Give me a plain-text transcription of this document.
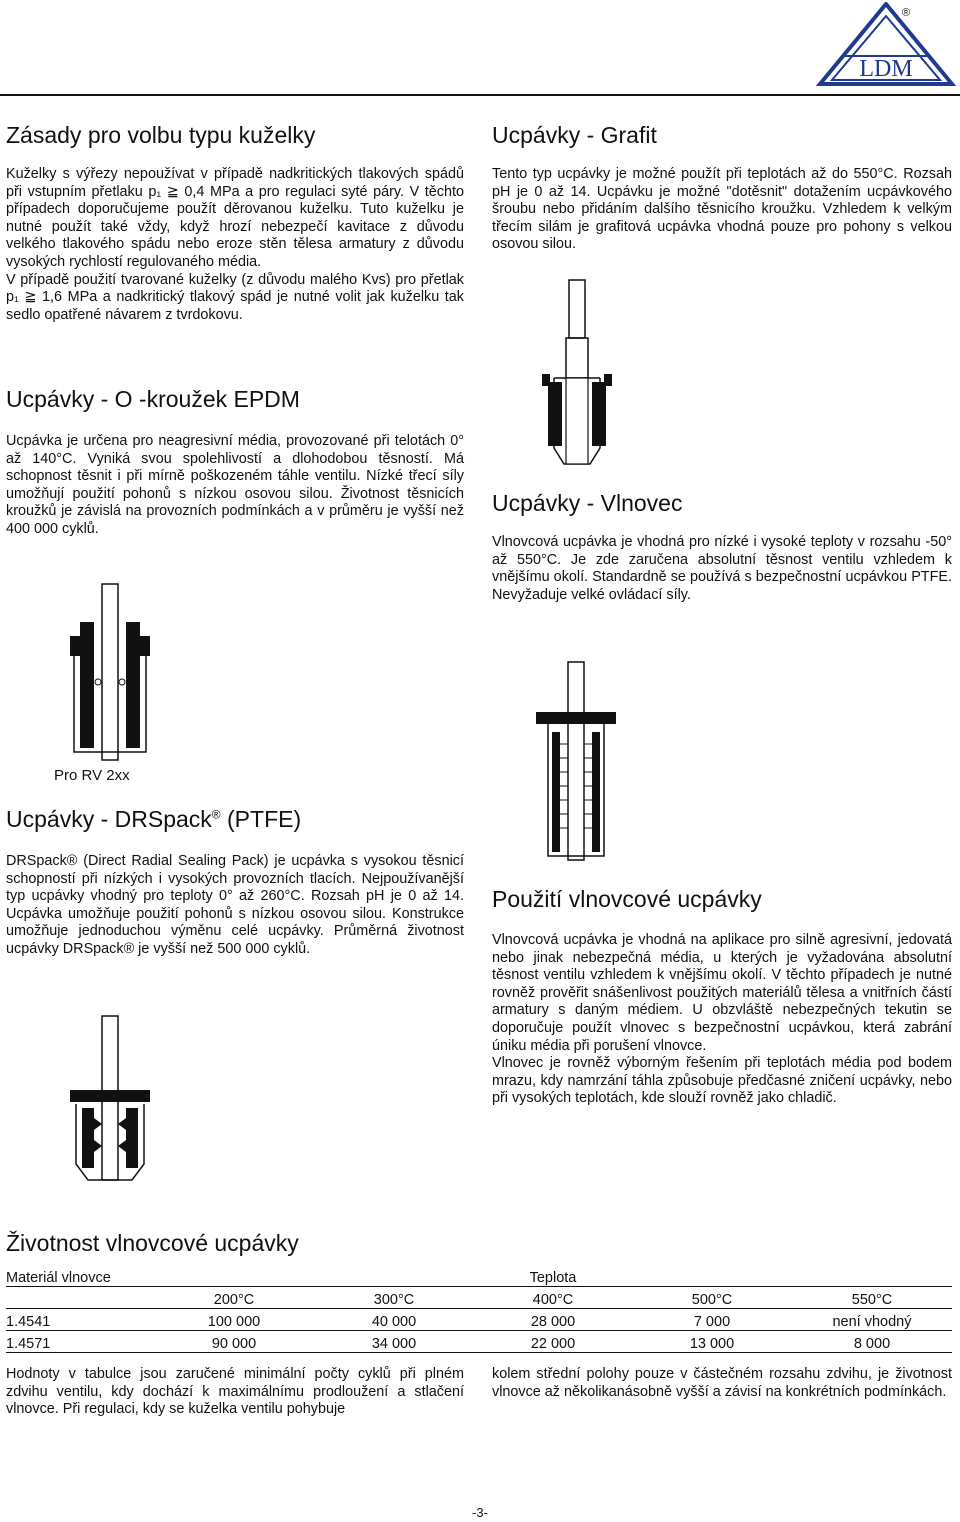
LDM
®
Zásady pro volbu typu kuželky

Kuželky s výřezy nepoužívat v případě nadkritických tlakových spádů při vstupním přetlaku p₁ ≧ 0,4 MPa a pro regulaci syté páry. V těchto případech doporučujeme použít děrovanou kuželku. Tuto kuželku je nutné použít také vždy, když hrozí nebezpečí kavitace z důvodu velkého tlakového spádu nebo eroze stěn tělesa armatury z důvodu vysokých rychlostí regulovaného média.

V případě použití tvarované kuželky (z důvodu malého Kvs) pro přetlak p₁ ≧ 1,6 MPa a nadkritický tlakový spád je nutné volit jak kuželku tak sedlo opatřené návarem z tvrdokovu.

Ucpávky - Grafit
Tento typ ucpávky je možné použít při teplotách až do 550°C. Rozsah pH je 0 až 14. Ucpávku je možné "dotěsnit" dotažením ucpávkového šroubu nebo přidáním dalšího těsnicího kroužku. Vzhledem k velkým třecím silám je grafitová ucpávka vhodná pouze pro pohony s velkou osovou silou.
Ucpávky - O -kroužek EPDM
Ucpávka je určena pro neagresivní média, provozované při telotách 0° až 140°C. Vyniká svou spolehlivostí a dlohodobou těsností. Má schopnost těsnit i při mírně poškozeném táhle ventilu. Nízké třecí síly umožňují použití pohonů s nízkou osovou silou. Životnost těsnicích kroužků je závislá na provozních podmínkách a v průměru je vyšší než 400 000 cyklů.
Ucpávky - Vlnovec
Vlnovcová ucpávka je vhodná pro nízké i vysoké teploty v rozsahu -50° až 550°C. Je zde zaručena absolutní těsnost ventilu vzhledem k vnějšímu okolí. Standardně se používá s bezpečnostní ucpávkou PTFE. Nevyžaduje velké ovládací síly.
Pro RV 2xx
Ucpávky - DRSpack® (PTFE)
DRSpack® (Direct Radial Sealing Pack) je ucpávka s vysokou těsnicí schopností při nízkých i vysokých provozních tlacích. Nejpoužívanější typ ucpávky vhodný pro teploty 0° až 260°C. Rozsah pH je 0 až 14. Ucpávka umožňuje použití pohonů s nízkou osovou silou. Konstrukce umožňuje jednoduchou výměnu celé ucpávky. Průměrná životnost ucpávky DRSpack® je vyšší než 500 000 cyklů.
Použití vlnovcové ucpávky

Vlnovcová ucpávka je vhodná na aplikace pro silně agresivní, jedovatá nebo jinak nebezpečná média, u kterých je vyžadována absolutní těsnost ventilu vzhledem k vnějšímu okolí. V těchto případech je nutné rovněž prověřit snášenlivost použitých materiálů tělesa a vnitřních částí armatury s daným médiem. U obzvláště nebezpečných tekutin se doporučuje použít vlnovec s bezpečnostní ucpávkou, která zabrání úniku média při porušení vlnovce.

Vlnovec je rovněž výborným řešením při teplotách média pod bodem mrazu, kdy namrzání táhla způsobuje předčasné zničení ucpávky, nebo při vysokých teplotách, kde slouží rovněž jako chladič.

Životnost vlnovcové ucpávky
Materiál vlnovce			Teplota		
	200°C	300°C	400°C	500°C	550°C
1.4541	100 000	40 000	28 000	7 000	není vhodný
1.4571	90 000	34 000	22 000	13 000	8 000
Hodnoty v tabulce jsou zaručené minimální počty cyklů při plném zdvihu ventilu, kdy dochází k maximálnímu prodloužení a stlačení vlnovce. Při regulaci, kdy se kuželka ventilu pohybuje
kolem střední polohy pouze v částečném rozsahu zdvihu, je životnost vlnovce až několikanásobně vyšší a závisí na konkrétních podmínkách.
-3-
